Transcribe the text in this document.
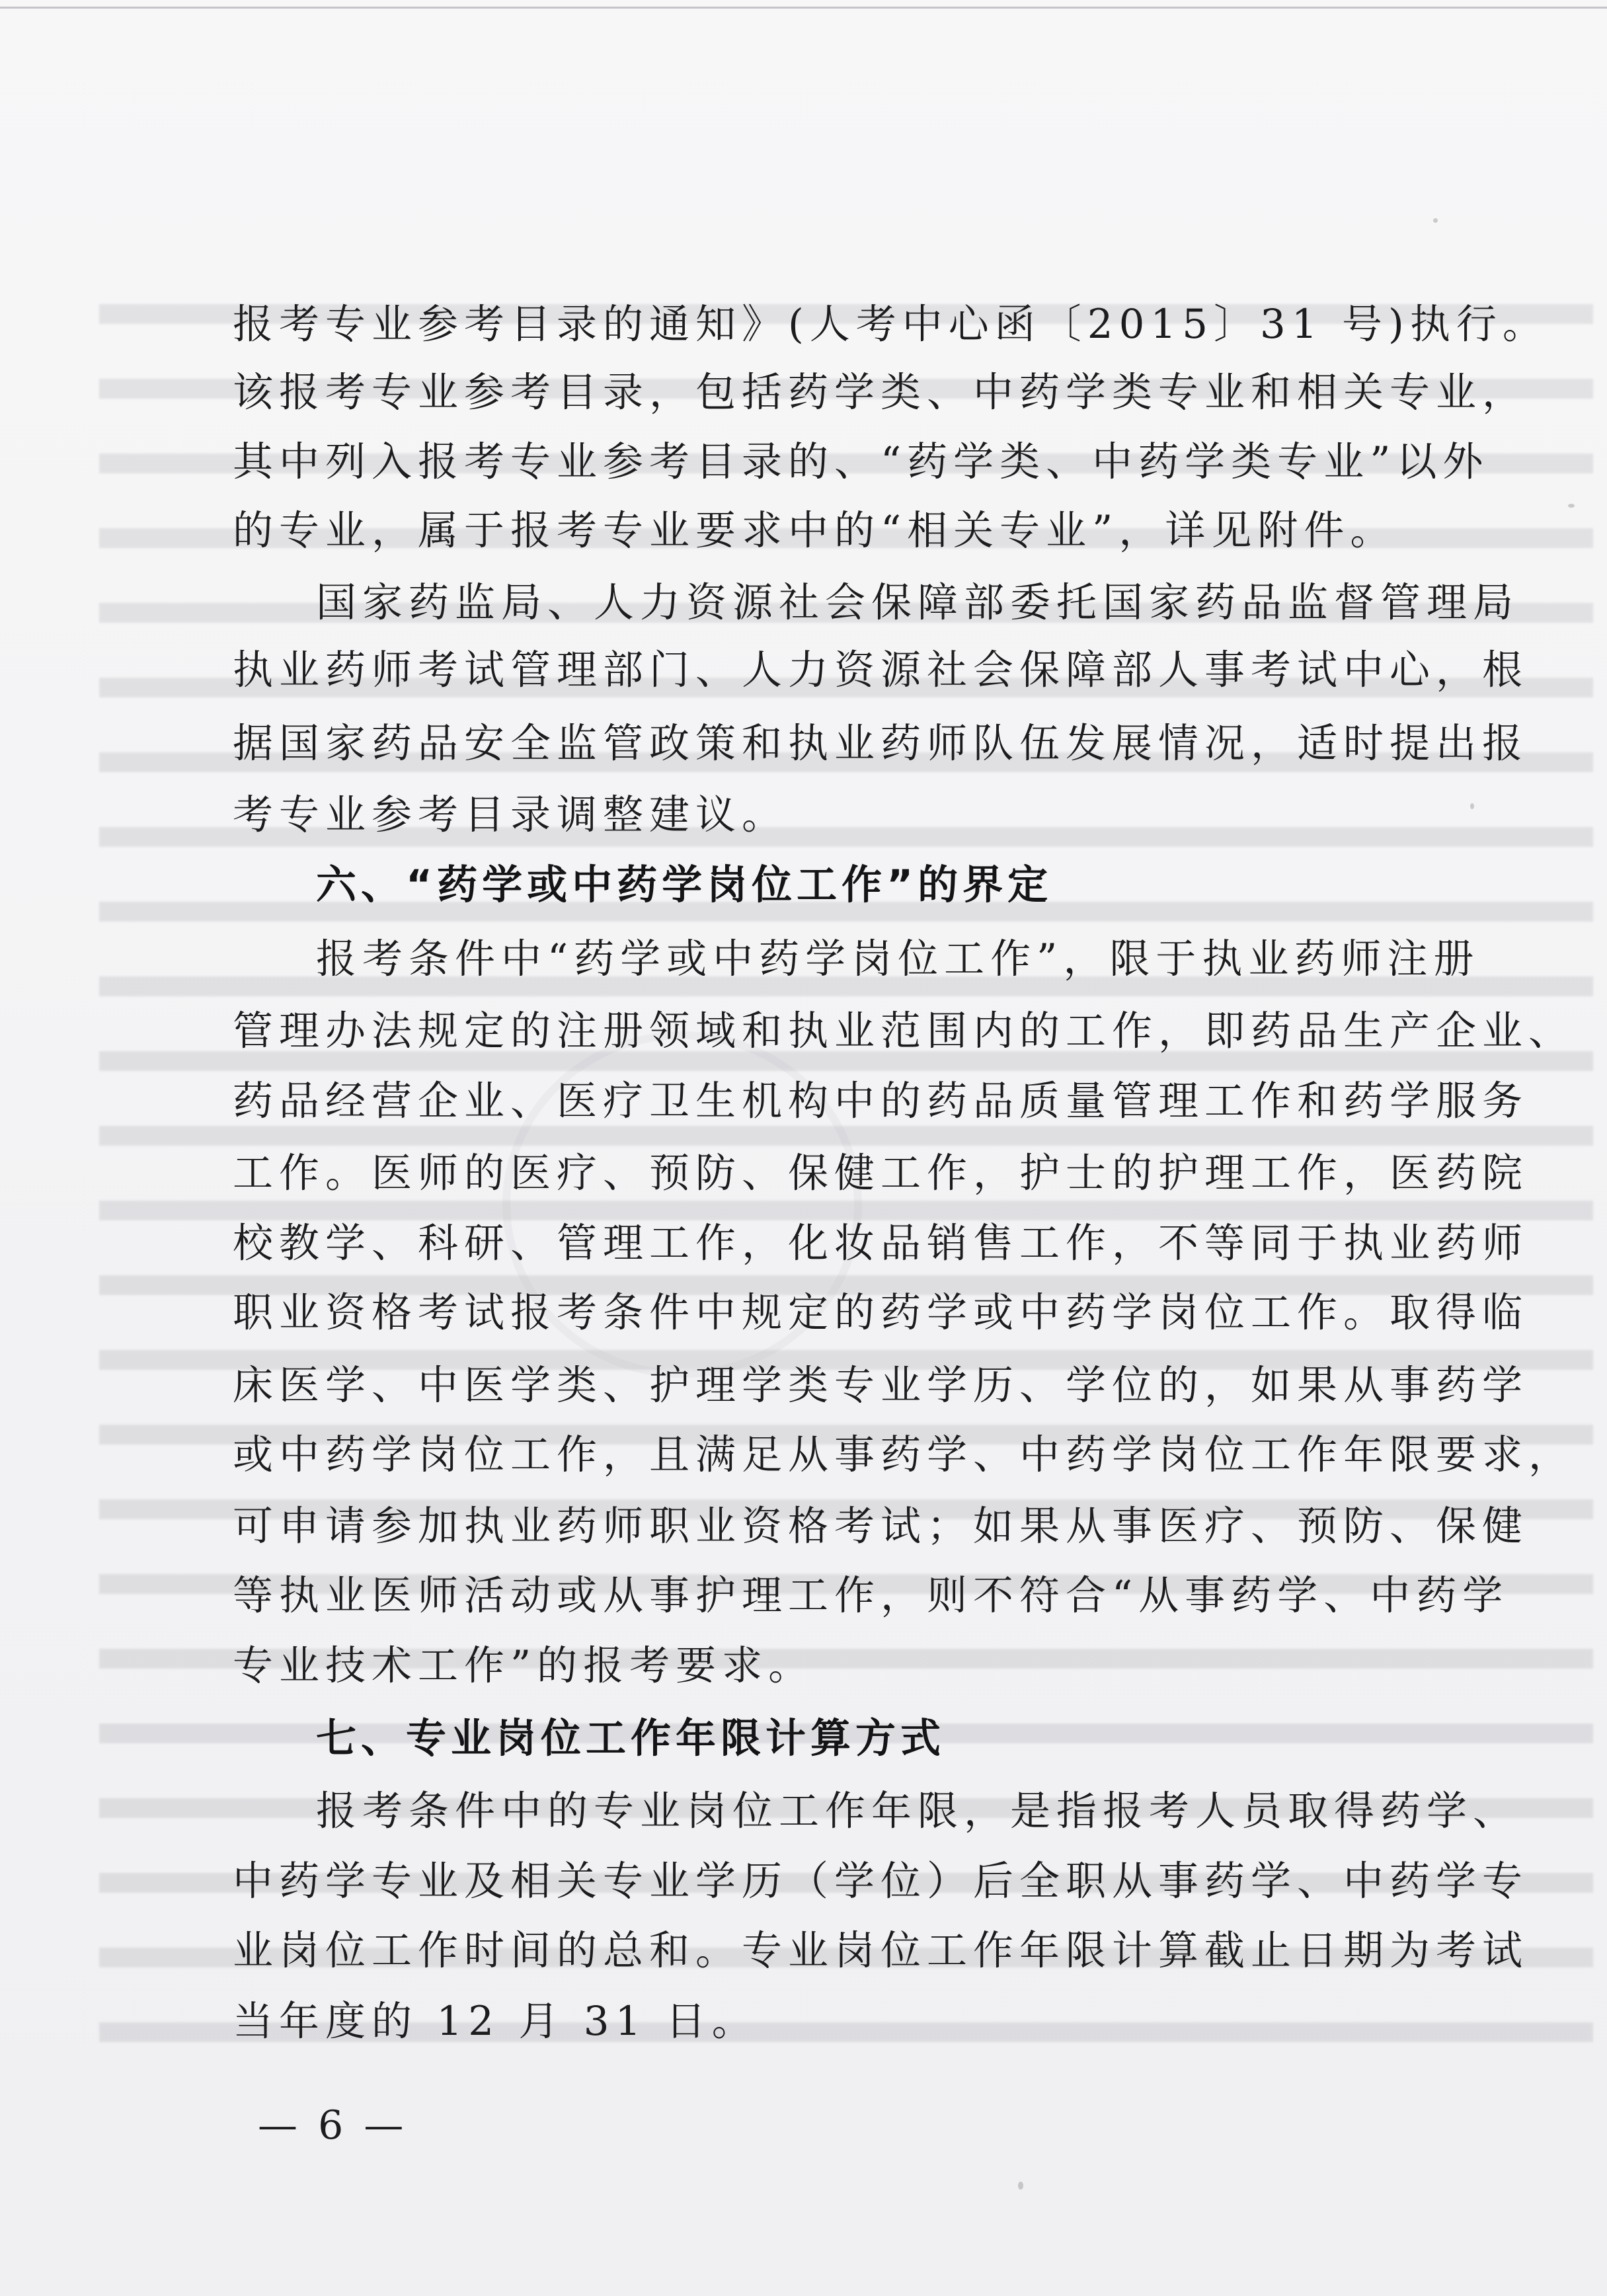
报考专业参考目录的通知》(人考中心函〔2015〕31 号)执行。
该报考专业参考目录，包括药学类、中药学类专业和相关专业，
其中列入报考专业参考目录的、“药学类、中药学类专业”以外
的专业，属于报考专业要求中的“相关专业”，详见附件。
国家药监局、人力资源社会保障部委托国家药品监督管理局
执业药师考试管理部门、人力资源社会保障部人事考试中心，根
据国家药品安全监管政策和执业药师队伍发展情况，适时提出报
考专业参考目录调整建议。
六、“药学或中药学岗位工作”的界定
报考条件中“药学或中药学岗位工作”，限于执业药师注册
管理办法规定的注册领域和执业范围内的工作，即药品生产企业、
药品经营企业、医疗卫生机构中的药品质量管理工作和药学服务
工作。医师的医疗、预防、保健工作，护士的护理工作，医药院
校教学、科研、管理工作，化妆品销售工作，不等同于执业药师
职业资格考试报考条件中规定的药学或中药学岗位工作。取得临
床医学、中医学类、护理学类专业学历、学位的，如果从事药学
或中药学岗位工作，且满足从事药学、中药学岗位工作年限要求，
可申请参加执业药师职业资格考试；如果从事医疗、预防、保健
等执业医师活动或从事护理工作，则不符合“从事药学、中药学
专业技术工作”的报考要求。
七、专业岗位工作年限计算方式
报考条件中的专业岗位工作年限，是指报考人员取得药学、
中药学专业及相关专业学历（学位）后全职从事药学、中药学专
业岗位工作时间的总和。专业岗位工作年限计算截止日期为考试
当年度的 12 月 31 日。
— 6 —
